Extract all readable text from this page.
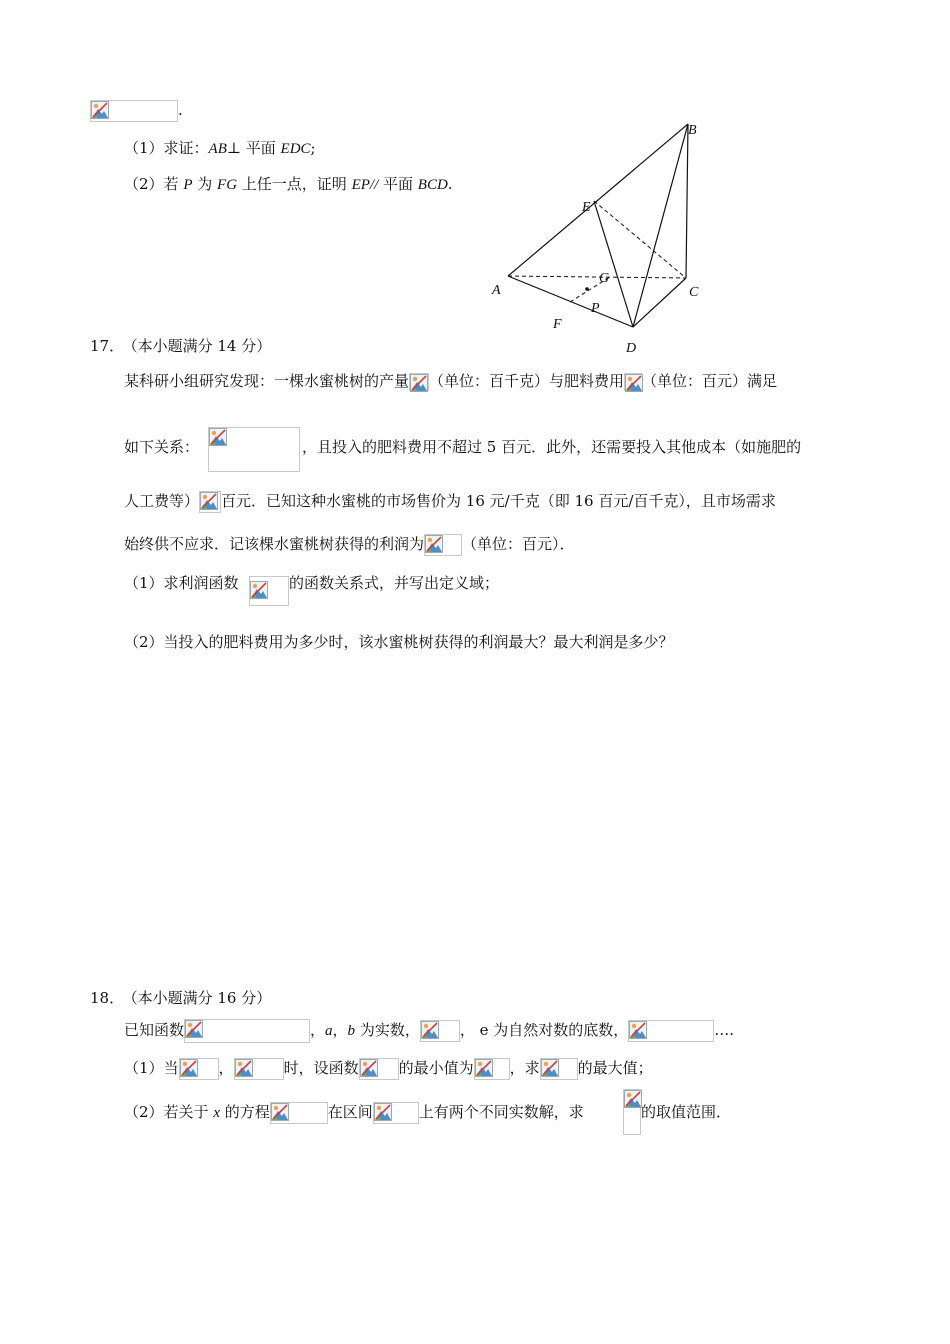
.
（1）求证：AB⊥ 平面 EDC;
（2）若 P 为 FG 上任一点，证明 EP// 平面 BCD.
A
B
C
D
E
F
G
P
17． （本小题满分 14 分）
某科研小组研究发现：一棵水蜜桃树的产量 （单位：百千克）与肥料费用 （单位：百元）满足
如下关系：	，且投入的肥料费用不超过 5 百元．此外，还需要投入其他成本（如施肥的
人工费等） 百元．已知这种水蜜桃的市场售价为 16 元/千克（即 16 百元/百千克），且市场需求
始终供不应求．记该棵水蜜桃树获得的利润为	（单位：百元）．
（1）求利润函数	的函数关系式，并写出定义域；
（2）当投入的肥料费用为多少时，该水蜜桃树获得的利润最大？最大利润是多少？
18． （本小题满分 16 分）
已知函数	，a，b 为实数，	， e 为自然对数的底数，	….
（1）当	，	时，设函数	的最小值为 ，求	的最大值；
（2）若关于 x 的方程	在区间	上有两个不同实数解，求	的取值范围．
